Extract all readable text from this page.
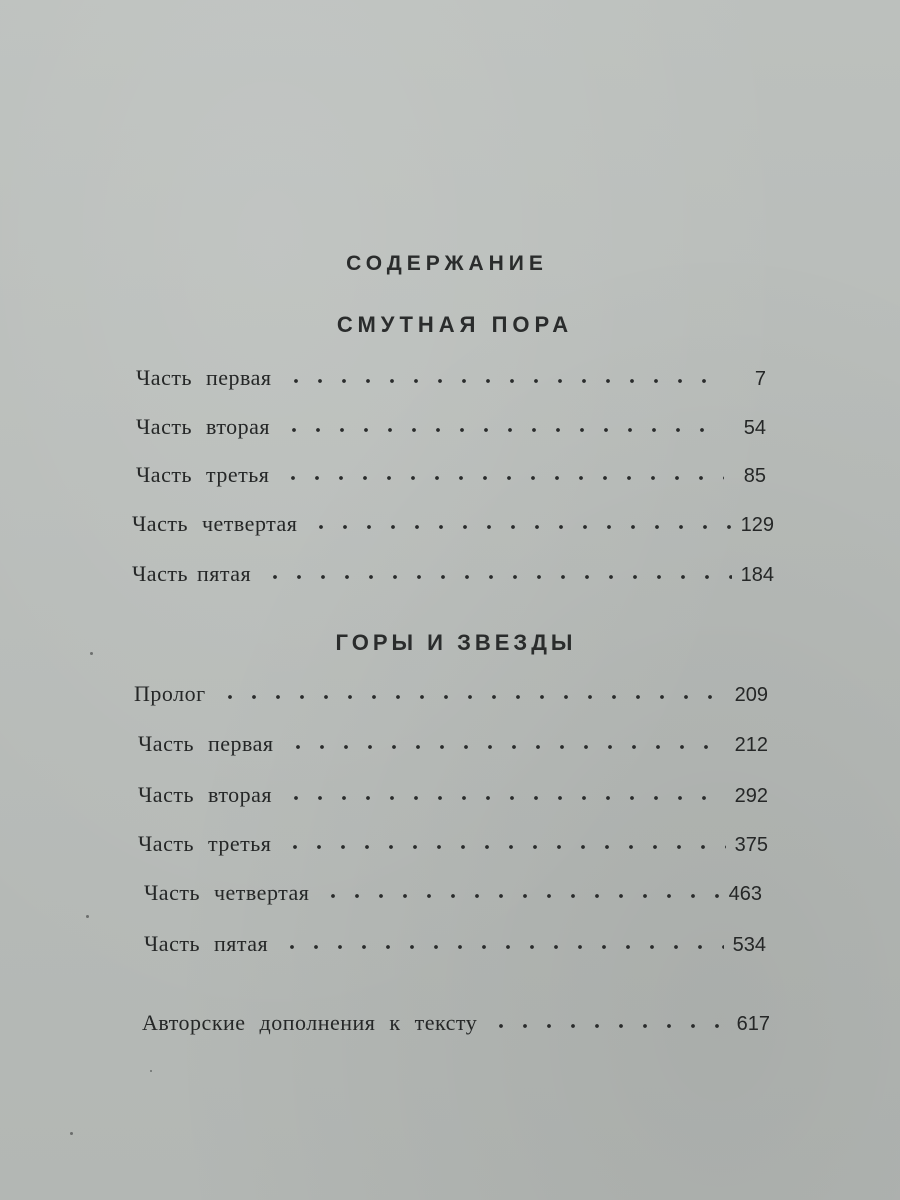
СОДЕРЖАНИЕ
СМУТНАЯ ПОРА
Часть первая	7
Часть вторая	54
Часть третья	85
Часть четвертая	129
Часть пятая	184
ГОРЫ И ЗВЕЗДЫ
Пролог	209
Часть первая	212
Часть вторая	292
Часть третья	375
Часть четвертая	463
Часть пятая	534
Авторские дополнения к тексту	617
